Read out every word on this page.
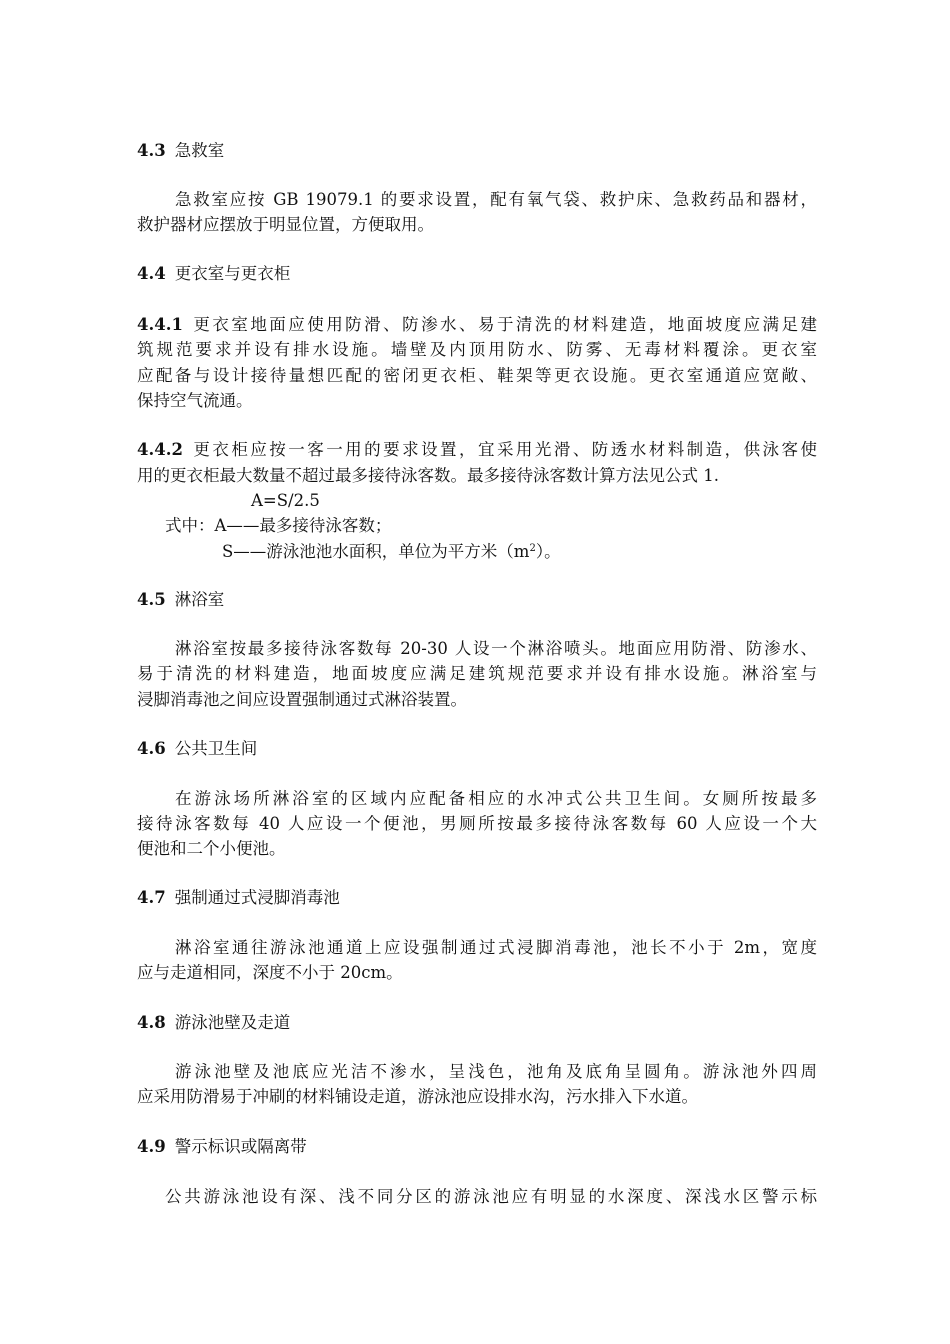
4.3 急救室
急救室应按 GB 19079.1 的要求设置，配有氧气袋、救护床、急救药品和器材，
救护器材应摆放于明显位置，方便取用。
4.4 更衣室与更衣柜
4.4.1 更衣室地面应使用防滑、防渗水、易于清洗的材料建造，地面坡度应满足建
筑规范要求并设有排水设施。墙壁及内顶用防水、防雾、无毒材料覆涂。更衣室
应配备与设计接待量想匹配的密闭更衣柜、鞋架等更衣设施。更衣室通道应宽敞、
保持空气流通。
4.4.2 更衣柜应按一客一用的要求设置，宜采用光滑、防透水材料制造，供泳客使
用的更衣柜最大数量不超过最多接待泳客数。最多接待泳客数计算方法见公式 1.
A=S/2.5
式中：A——最多接待泳客数；
S——游泳池池水面积，单位为平方米$(m^2)$。
4.5 淋浴室
淋浴室按最多接待泳客数每 20-30 人设一个淋浴喷头。地面应用防滑、防渗水、
易于清洗的材料建造，地面坡度应满足建筑规范要求并设有排水设施。淋浴室与
浸脚消毒池之间应设置强制通过式淋浴装置。
4.6 公共卫生间
在游泳场所淋浴室的区域内应配备相应的水冲式公共卫生间。女厕所按最多
接待泳客数每 40 人应设一个便池，男厕所按最多接待泳客数每 60 人应设一个大
便池和二个小便池。
4.7 强制通过式浸脚消毒池
淋浴室通往游泳池通道上应设强制通过式浸脚消毒池，池长不小于 2m，宽度
应与走道相同，深度不小于 20cm。
4.8 游泳池壁及走道
游泳池壁及池底应光洁不渗水，呈浅色，池角及底角呈圆角。游泳池外四周
应采用防滑易于冲刷的材料铺设走道，游泳池应设排水沟，污水排入下水道。
4.9 警示标识或隔离带
公共游泳池设有深、浅不同分区的游泳池应有明显的水深度、深浅水区警示标
